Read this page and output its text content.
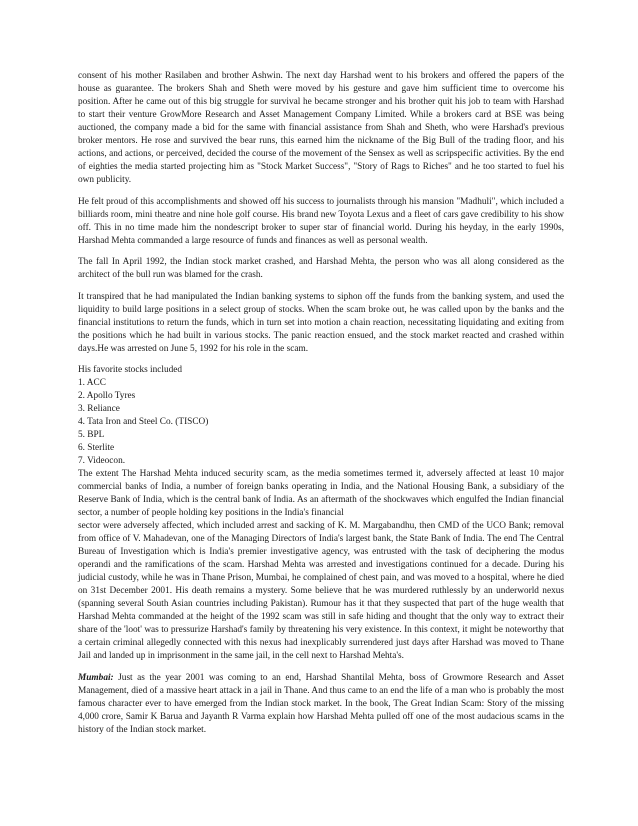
consent of his mother Rasilaben and brother Ashwin. The next day Harshad went to his brokers and offered the papers of the house as guarantee. The brokers Shah and Sheth were moved by his gesture and gave him sufficient time to overcome his position. After he came out of this big struggle for survival he became stronger and his brother quit his job to team with Harshad to start their venture GrowMore Research and Asset Management Company Limited. While a brokers card at BSE was being auctioned, the company made a bid for the same with financial assistance from Shah and Sheth, who were Harshad's previous broker mentors. He rose and survived the bear runs, this earned him the nickname of the Big Bull of the trading floor, and his actions, and actions, or perceived, decided the course of the movement of the Sensex as well as scripspecific activities. By the end of eighties the media started projecting him as "Stock Market Success", "Story of Rags to Riches" and he too started to fuel his own publicity.

He felt proud of this accomplishments and showed off his success to journalists through his mansion "Madhuli", which included a billiards room, mini theatre and nine hole golf course. His brand new Toyota Lexus and a fleet of cars gave credibility to his show off. This in no time made him the nondescript broker to super star of financial world. During his heyday, in the early 1990s, Harshad Mehta commanded a large resource of funds and finances as well as personal wealth.

The fall In April 1992, the Indian stock market crashed, and Harshad Mehta, the person who was all along considered as the architect of the bull run was blamed for the crash.

It transpired that he had manipulated the Indian banking systems to siphon off the funds from the banking system, and used the liquidity to build large positions in a select group of stocks. When the scam broke out, he was called upon by the banks and the financial institutions to return the funds, which in turn set into motion a chain reaction, necessitating liquidating and exiting from the positions which he had built in various stocks. The panic reaction ensued, and the stock market reacted and crashed within days.He was arrested on June 5, 1992 for his role in the scam.

His favorite stocks included
1. ACC
2. Apollo Tyres
3. Reliance
4. Tata Iron and Steel Co. (TISCO)
5. BPL
6. Sterlite
7. Videocon.

The extent The Harshad Mehta induced security scam, as the media sometimes termed it, adversely affected at least 10 major commercial banks of India, a number of foreign banks operating in India, and the National Housing Bank, a subsidiary of the Reserve Bank of India, which is the central bank of India. As an aftermath of the shockwaves which engulfed the Indian financial sector, a number of people holding key positions in the India's financial

sector were adversely affected, which included arrest and sacking of K. M. Margabandhu, then CMD of the UCO Bank; removal from office of V. Mahadevan, one of the Managing Directors of India's largest bank, the State Bank of India. The end The Central Bureau of Investigation which is India's premier investigative agency, was entrusted with the task of deciphering the modus operandi and the ramifications of the scam. Harshad Mehta was arrested and investigations continued for a decade. During his judicial custody, while he was in Thane Prison, Mumbai, he complained of chest pain, and was moved to a hospital, where he died on 31st December 2001. His death remains a mystery. Some believe that he was murdered ruthlessly by an underworld nexus (spanning several South Asian countries including Pakistan). Rumour has it that they suspected that part of the huge wealth that Harshad Mehta commanded at the height of the 1992 scam was still in safe hiding and thought that the only way to extract their share of the 'loot' was to pressurize Harshad's family by threatening his very existence. In this context, it might be noteworthy that a certain criminal allegedly connected with this nexus had inexplicably surrendered just days after Harshad was moved to Thane Jail and landed up in imprisonment in the same jail, in the cell next to Harshad Mehta's.

Mumbai: Just as the year 2001 was coming to an end, Harshad Shantilal Mehta, boss of Growmore Research and Asset Management, died of a massive heart attack in a jail in Thane. And thus came to an end the life of a man who is probably the most famous character ever to have emerged from the Indian stock market. In the book, The Great Indian Scam: Story of the missing 4,000 crore, Samir K Barua and Jayanth R Varma explain how Harshad Mehta pulled off one of the most audacious scams in the history of the Indian stock market.
